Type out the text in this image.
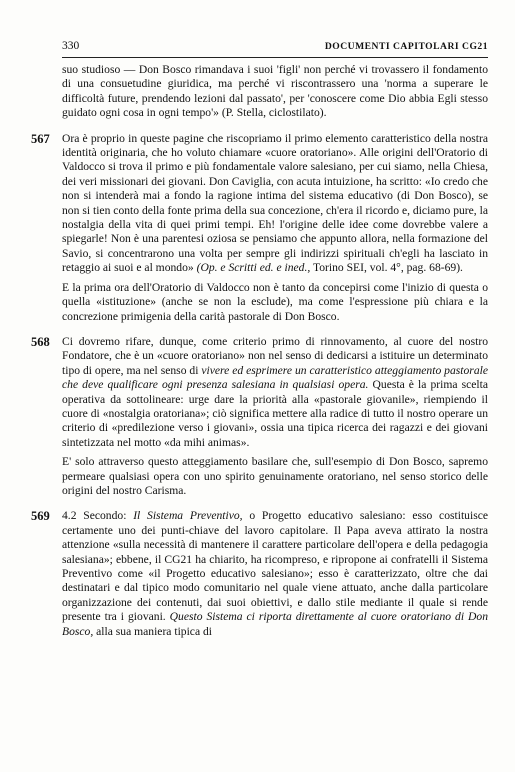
330	DOCUMENTI CAPITOLARI CG21

suo studioso — Don Bosco rimandava i suoi 'figli' non perché vi trovassero il fondamento di una consuetudine giuridica, ma perché vi riscontrassero una 'norma a superare le difficoltà future, prendendo lezioni dal passato', per 'conoscere come Dio abbia Egli stesso guidato ogni cosa in ogni tempo'» (P. Stella, ciclostilato).

567 Ora è proprio in queste pagine che riscopriamo il primo elemento caratteristico della nostra identità originaria, che ho voluto chiamare «cuore oratoriano». Alle origini dell'Oratorio di Valdocco si trova il primo e più fondamentale valore salesiano, per cui siamo, nella Chiesa, dei veri missionari dei giovani. Don Caviglia, con acuta intuizione, ha scritto: «Io credo che non si intenderà mai a fondo la ragione intima del sistema educativo (di Don Bosco), se non si tien conto della fonte prima della sua concezione, ch'era il ricordo e, diciamo pure, la nostalgia della vita di quei primi tempi. Eh! l'origine delle idee come dovrebbe valere a spiegarle! Non è una parentesi oziosa se pensiamo che appunto allora, nella formazione del Savio, si concentrarono una volta per sempre gli indirizzi spirituali ch'egli ha lasciato in retaggio ai suoi e al mondo» (Op. e Scritti ed. e ined., Torino SEI, vol. 4°, pag. 68-69).

E la prima ora dell'Oratorio di Valdocco non è tanto da concepirsi come l'inizio di questa o quella «istituzione» (anche se non la esclude), ma come l'espressione più chiara e la concrezione primigenia della carità pastorale di Don Bosco.

568 Ci dovremo rifare, dunque, come criterio primo di rinnovamento, al cuore del nostro Fondatore, che è un «cuore oratoriano» non nel senso di dedicarsi a istituire un determinato tipo di opere, ma nel senso di vivere ed esprimere un caratteristico atteggiamento pastorale che deve qualificare ogni presenza salesiana in qualsiasi opera. Questa è la prima scelta operativa da sottolineare: urge dare la priorità alla «pastorale giovanile», riempiendo il cuore di «nostalgia oratoriana»; ciò significa mettere alla radice di tutto il nostro operare un criterio di «predilezione verso i giovani», ossia una tipica ricerca dei ragazzi e dei giovani sintetizzata nel motto «da mihi animas».

E' solo attraverso questo atteggiamento basilare che, sull'esempio di Don Bosco, sapremo permeare qualsiasi opera con uno spirito genuinamente oratoriano, nel senso storico delle origini del nostro Carisma.

569 4.2 Secondo: Il Sistema Preventivo, o Progetto educativo salesiano: esso costituisce certamente uno dei punti-chiave del lavoro capitolare. Il Papa aveva attirato la nostra attenzione «sulla necessità di mantenere il carattere particolare dell'opera e della pedagogia salesiana»; ebbene, il CG21 ha chiarito, ha ricompreso, e ripropone ai confratelli il Sistema Preventivo come «il Progetto educativo salesiano»; esso è caratterizzato, oltre che dai destinatari e dal tipico modo comunitario nel quale viene attuato, anche dalla particolare organizzazione dei contenuti, dai suoi obiettivi, e dallo stile mediante il quale si rende presente tra i giovani. Questo Sistema ci riporta direttamente al cuore oratoriano di Don Bosco, alla sua maniera tipica di
